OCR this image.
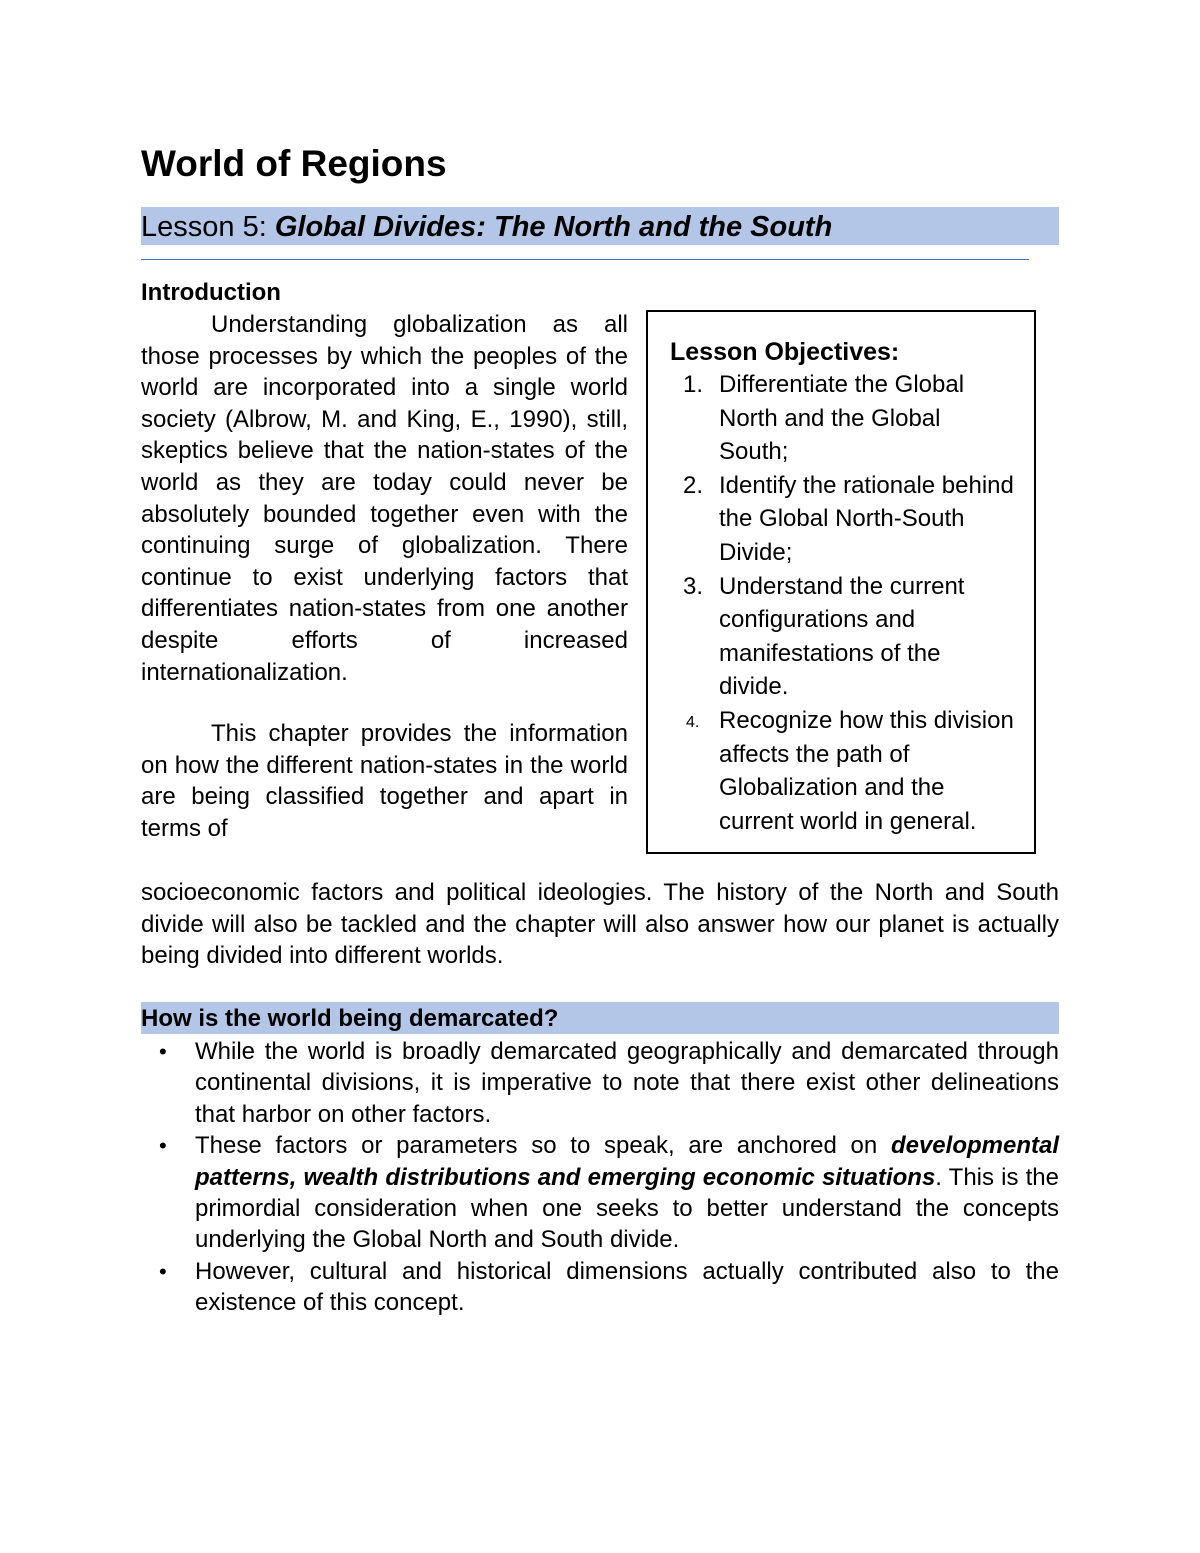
World of Regions
Lesson 5: Global Divides: The North and the South
Introduction

Understanding globalization as all those processes by which the peoples of the world are incorporated into a single world society (Albrow, M. and King, E., 1990), still, skeptics believe that the nation-states of the world as they are today could never be absolutely bounded together even with the continuing surge of globalization. There continue to exist underlying factors that differentiates nation-states from one another despite efforts of increased internationalization.

This chapter provides the information on how the different nation-states in the world are being classified together and apart in terms of

socioeconomic factors and political ideologies. The history of the North and South divide will also be tackled and the chapter will also answer how our planet is actually being divided into different worlds.

Lesson Objectives:
1. Differentiate the Global North and the Global South;
2. Identify the rationale behind the Global North-South Divide;
3. Understand the current configurations and manifestations of the divide.
4. Recognize how this division affects the path of Globalization and the current world in general.
How is the world being demarcated?
• While the world is broadly demarcated geographically and demarcated through continental divisions, it is imperative to note that there exist other delineations that harbor on other factors.
• These factors or parameters so to speak, are anchored on developmental patterns, wealth distributions and emerging economic situations. This is the primordial consideration when one seeks to better understand the concepts underlying the Global North and South divide.
• However, cultural and historical dimensions actually contributed also to the existence of this concept.
